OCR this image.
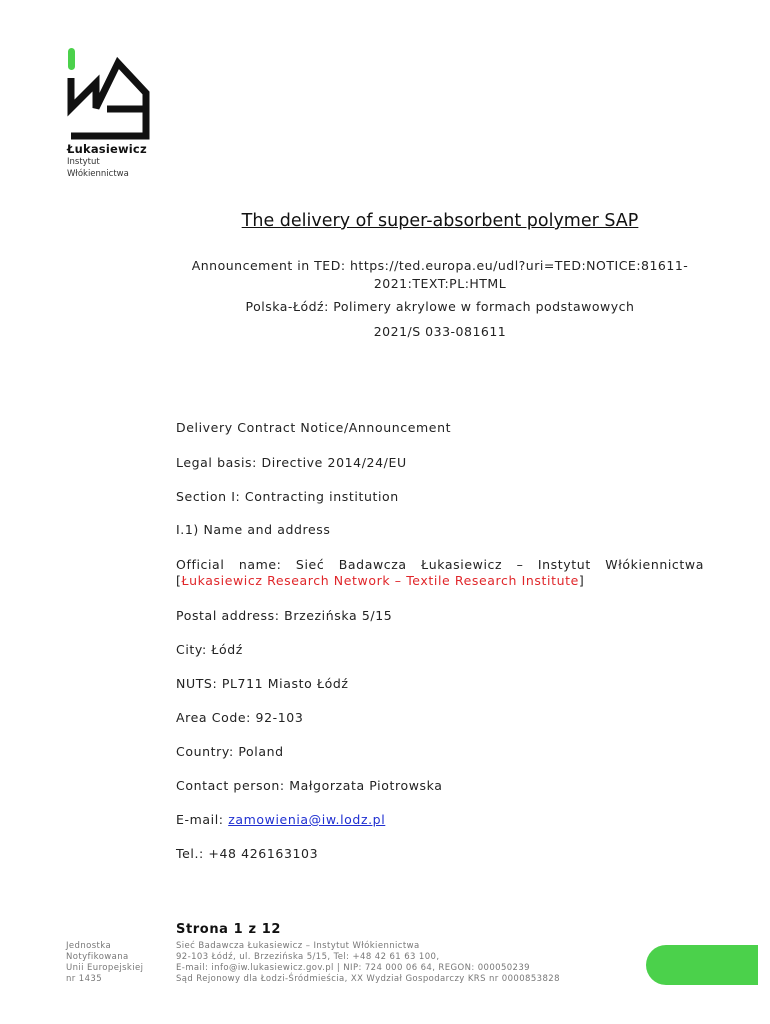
Łukasiewicz
Instytut
Włókiennictwa
The delivery of super-absorbent polymer SAP
Announcement in TED: https://ted.europa.eu/udl?uri=TED:NOTICE:81611-
2021:TEXT:PL:HTML
Polska-Łódź: Polimery akrylowe w formach podstawowych
2021/S 033-081611
Delivery Contract Notice/Announcement
Legal basis: Directive 2014/24/EU
Section I: Contracting institution
I.1) Name and address
Official name: Sieć Badawcza Łukasiewicz – Instytut Włókiennictwa
[Łukasiewicz Research Network – Textile Research Institute]
Postal address: Brzezińska 5/15
City: Łódź
NUTS: PL711 Miasto Łódź
Area Code: 92-103
Country: Poland
Contact person: Małgorzata Piotrowska
E-mail: zamowienia@iw.lodz.pl
Tel.: +48 426163103
Strona 1 z 12
Jednostka
Notyfikowana
Unii Europejskiej
nr 1435
Sieć Badawcza Łukasiewicz – Instytut Włókiennictwa
92-103 Łódź, ul. Brzezińska 5/15, Tel: +48 42 61 63 100,
E-mail: info@iw.lukasiewicz.gov.pl | NIP: 724 000 06 64, REGON: 000050239
Sąd Rejonowy dla Łodzi-Śródmieścia, XX Wydział Gospodarczy KRS nr 0000853828
